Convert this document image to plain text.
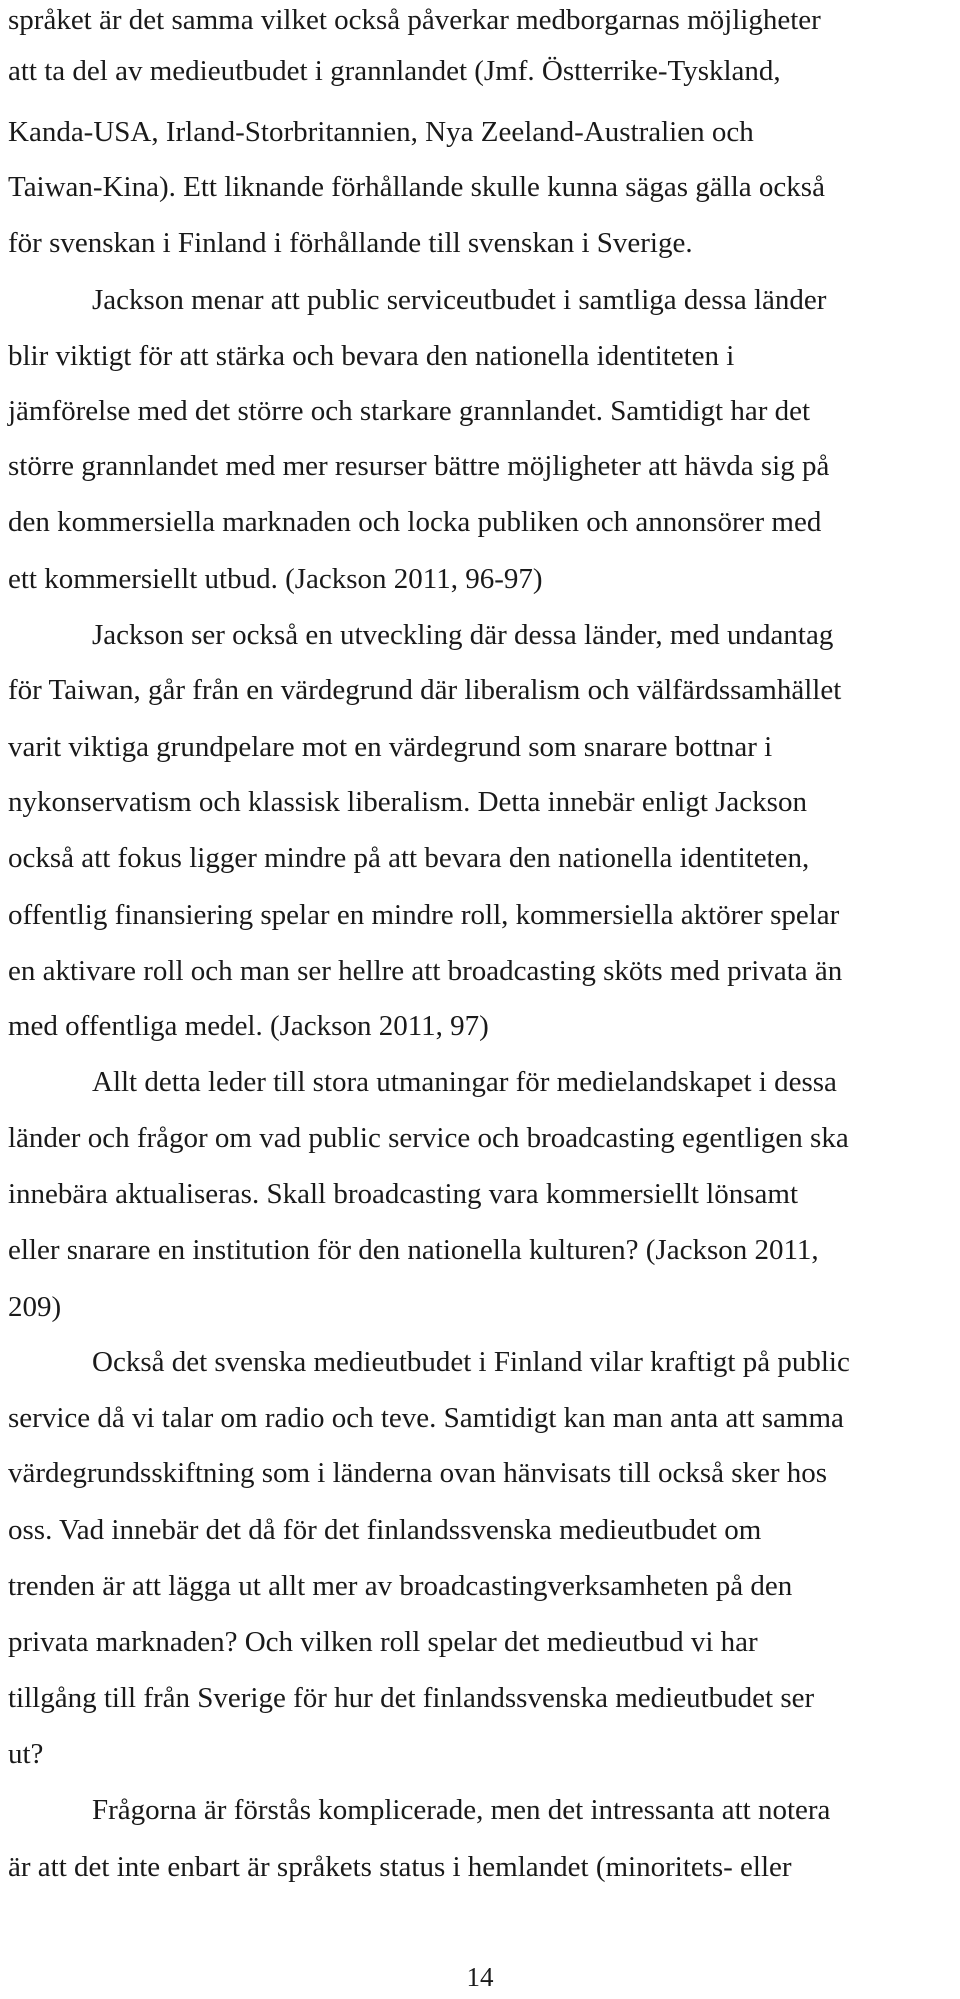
språket är det samma vilket också påverkar medborgarnas möjligheter
att ta del av medieutbudet i grannlandet (Jmf. Östterrike-Tyskland,
Kanda-USA, Irland-Storbritannien, Nya Zeeland-Australien och
Taiwan-Kina). Ett liknande förhållande skulle kunna sägas gälla också
för svenskan i Finland i förhållande till svenskan i Sverige.
Jackson menar att public serviceutbudet i samtliga dessa länder
blir viktigt för att stärka och bevara den nationella identiteten i
jämförelse med det större och starkare grannlandet. Samtidigt har det
större grannlandet med mer resurser bättre möjligheter att hävda sig på
den kommersiella marknaden och locka publiken och annonsörer med
ett kommersiellt utbud. (Jackson 2011, 96-97)
Jackson ser också en utveckling där dessa länder, med undantag
för Taiwan, går från en värdegrund där liberalism och välfärdssamhället
varit viktiga grundpelare mot en värdegrund som snarare bottnar i
nykonservatism och klassisk liberalism. Detta innebär enligt Jackson
också att fokus ligger mindre på att bevara den nationella identiteten,
offentlig finansiering spelar en mindre roll, kommersiella aktörer spelar
en aktivare roll och man ser hellre att broadcasting sköts med privata än
med offentliga medel. (Jackson 2011, 97)
Allt detta leder till stora utmaningar för medielandskapet i dessa
länder och frågor om vad public service och broadcasting egentligen ska
innebära aktualiseras. Skall broadcasting vara kommersiellt lönsamt
eller snarare en institution för den nationella kulturen? (Jackson 2011,
209)
Också det svenska medieutbudet i Finland vilar kraftigt på public
service då vi talar om radio och teve. Samtidigt kan man anta att samma
värdegrundsskiftning som i länderna ovan hänvisats till också sker hos
oss. Vad innebär det då för det finlandssvenska medieutbudet om
trenden är att lägga ut allt mer av broadcastingverksamheten på den
privata marknaden? Och vilken roll spelar det medieutbud vi har
tillgång till från Sverige för hur det finlandssvenska medieutbudet ser
ut?
Frågorna är förstås komplicerade, men det intressanta att notera
är att det inte enbart är språkets status i hemlandet (minoritets- eller
14
